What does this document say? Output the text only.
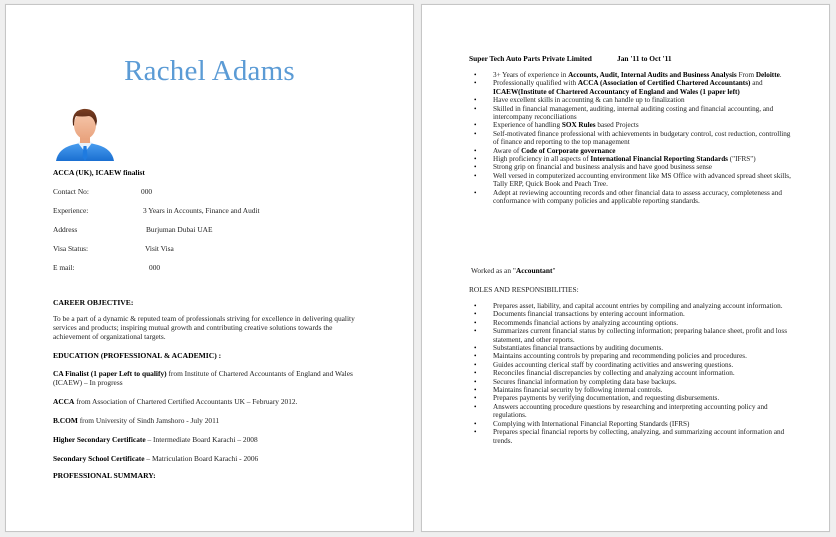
Rachel Adams
ACCA (UK), ICAEW finalist
Contact No:	000
Experience:	3 Years in Accounts, Finance and Audit
Address	Burjuman Dubai UAE
Visa Status:	Visit Visa
E mail:	000
CAREER OBJECTIVE:
To be a part of a dynamic & reputed team of professionals striving for excellence in delivering quality services and products; inspiring mutual growth and contributing creative solutions towards the achievement of organizational targets.
EDUCATION (PROFESSIONAL & ACADEMIC) :
CA Finalist (1 paper Left to qualify) from Institute of Chartered Accountants of England and Wales (ICAEW) – In progress
ACCA from Association of Chartered Certified Accountants UK – February 2012.
B.COM from University of Sindh Jamshoro - July 2011
Higher Secondary Certificate – Intermediate Board Karachi – 2008
Secondary School Certificate – Matriculation Board Karachi - 2006
PROFESSIONAL SUMMARY:
Super Tech Auto Parts Private Limited	Jan '11 to Oct '11
• 3+ Years of experience in Accounts, Audit, Internal Audits and Business Analysis From Deloitte.
• Professionally qualified with ACCA (Association of Certified Chartered Accountants) and ICAEW(Institute of Chartered Accountancy of England and Wales (1 paper left)
• Have excellent skills in accounting & can handle up to finalization
• Skilled in financial management, auditing, internal auditing costing and financial accounting, and intercompany reconciliations
• Experience of handling SOX Rules based Projects
• Self-motivated finance professional with achievements in budgetary control, cost reduction, controlling of finance and reporting to the top management
• Aware of Code of Corporate governance
• High proficiency in all aspects of International Financial Reporting Standards ("IFRS")
• Strong grip on financial and business analysis and have good business sense
• Well versed in computerized accounting environment like MS Office with advanced spread sheet skills, Tally ERP, Quick Book and Peach Tree.
• Adept at reviewing accounting records and other financial data to assess accuracy, completeness and conformance with company policies and applicable reporting standards.
Worked as an "Accountant"
ROLES AND RESPONSIBILITIES:
• Prepares asset, liability, and capital account entries by compiling and analyzing account information.
• Documents financial transactions by entering account information.
• Recommends financial actions by analyzing accounting options.
• Summarizes current financial status by collecting information; preparing balance sheet, profit and loss statement, and other reports.
• Substantiates financial transactions by auditing documents.
• Maintains accounting controls by preparing and recommending policies and procedures.
• Guides accounting clerical staff by coordinating activities and answering questions.
• Reconciles financial discrepancies by collecting and analyzing account information.
• Secures financial information by completing data base backups.
• Maintains financial security by following internal controls.
• Prepares payments by verifying documentation, and requesting disbursements.
• Answers accounting procedure questions by researching and interpreting accounting policy and regulations.
• Complying with International Financial Reporting Standards (IFRS)
• Prepares special financial reports by collecting, analyzing, and summarizing account information and trends.
